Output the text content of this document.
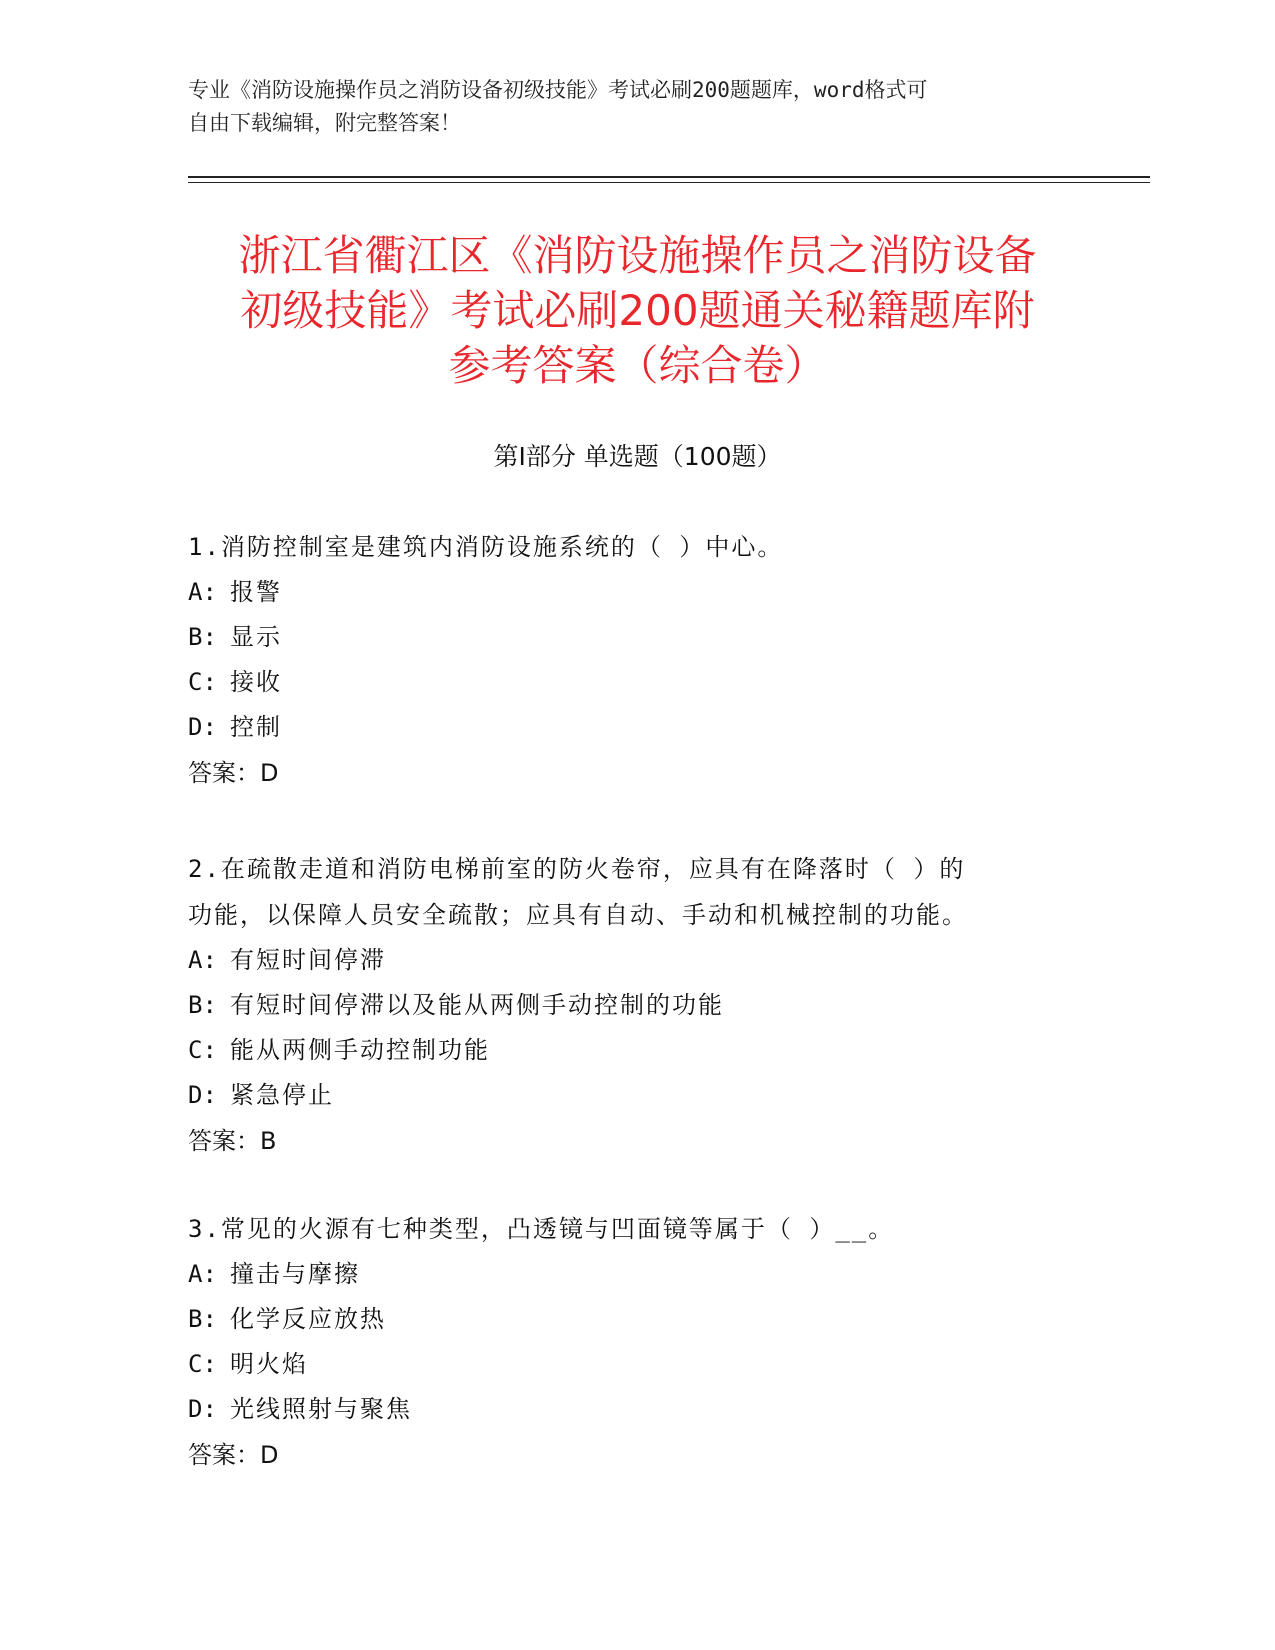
专业《消防设施操作员之消防设备初级技能》考试必刷200题题库，word格式可
自由下载编辑，附完整答案！
浙江省衢江区《消防设施操作员之消防设备
初级技能》考试必刷200题通关秘籍题库附
参考答案（综合卷）
第Ⅰ部分 单选题（100题）
1.消防控制室是建筑内消防设施系统的（ ）中心。
A: 报警
B: 显示
C: 接收
D: 控制
答案：D
2.在疏散走道和消防电梯前室的防火卷帘，应具有在降落时（ ）的
功能，以保障人员安全疏散；应具有自动、手动和机械控制的功能。
A: 有短时间停滞
B: 有短时间停滞以及能从两侧手动控制的功能
C: 能从两侧手动控制功能
D: 紧急停止
答案：B
3.常见的火源有七种类型，凸透镜与凹面镜等属于（ ）__。
A: 撞击与摩擦
B: 化学反应放热
C: 明火焰
D: 光线照射与聚焦
答案：D
